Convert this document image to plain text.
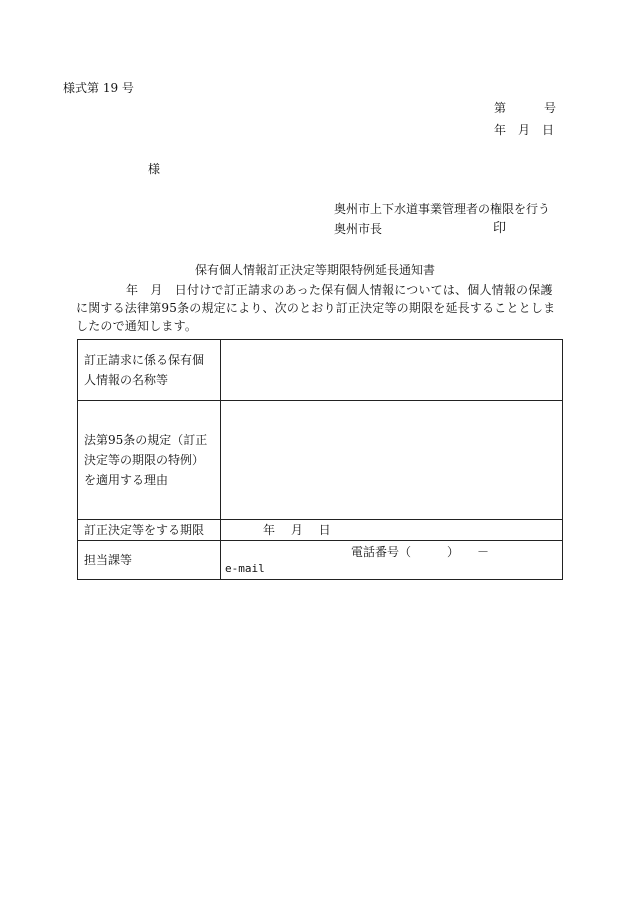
様式第 19 号
第	号
年 月 日
様
奥州市上下水道事業管理者の権限を行う
奥州市長	印
保有個人情報訂正決定等期限特例延長通知書
年　月　日付けで訂正請求のあった保有個人情報については、個人情報の保護
に関する法律第95条の規定により、次のとおり訂正決定等の期限を延長することとしま
したので通知します。
訂正請求に係る保有個
人情報の名称等	

法第95条の規定（訂正
決定等の期限の特例）
を適用する理由	

訂正決定等をする期限	年　 月 　日
担当課等	電話番号（　　　）　　－
e-mail
